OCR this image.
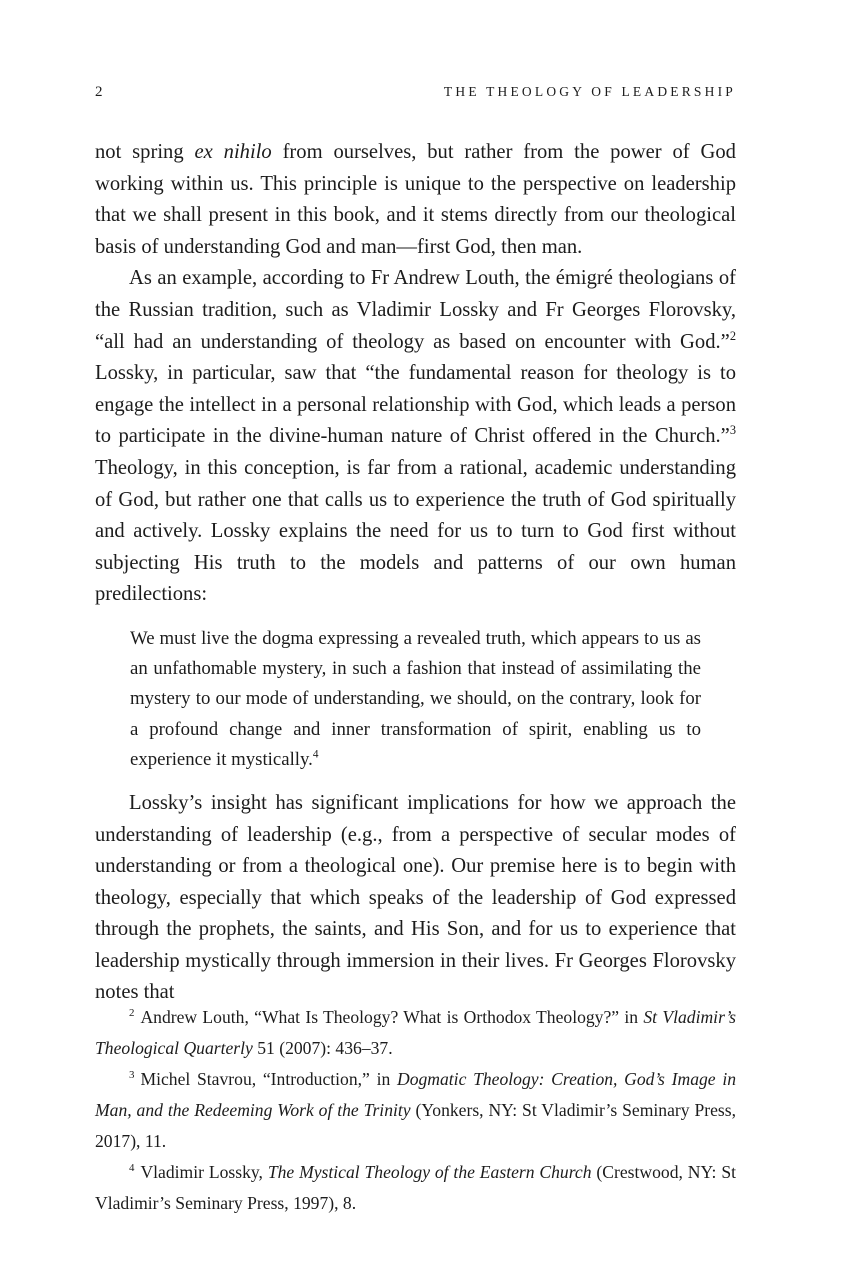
2	THE THEOLOGY OF LEADERSHIP

not spring ex nihilo from ourselves, but rather from the power of God working within us. This principle is unique to the perspective on leadership that we shall present in this book, and it stems directly from our theological basis of understanding God and man—first God, then man.

As an example, according to Fr Andrew Louth, the émigré theologians of the Russian tradition, such as Vladimir Lossky and Fr Georges Florovsky, “all had an understanding of theology as based on encounter with God.”$^2$ Lossky, in particular, saw that “the fundamental reason for theology is to engage the intellect in a personal relationship with God, which leads a person to participate in the divine-human nature of Christ offered in the Church.”$^3$ Theology, in this conception, is far from a rational, academic understanding of God, but rather one that calls us to experience the truth of God spiritually and actively. Lossky explains the need for us to turn to God first without subjecting His truth to the models and patterns of our own human predilections:

We must live the dogma expressing a revealed truth, which appears to us as an unfathomable mystery, in such a fashion that instead of assimilating the mystery to our mode of understanding, we should, on the contrary, look for a profound change and inner transformation of spirit, enabling us to experience it mystically.$^4$

Lossky’s insight has significant implications for how we approach the understanding of leadership (e.g., from a perspective of secular modes of understanding or from a theological one). Our premise here is to begin with theology, especially that which speaks of the leadership of God expressed through the prophets, the saints, and His Son, and for us to experience that leadership mystically through immersion in their lives. Fr Georges Florovsky notes that

$^2$ Andrew Louth, “What Is Theology? What is Orthodox Theology?” in St Vladimir’s Theological Quarterly 51 (2007): 436–37.

$^3$ Michel Stavrou, “Introduction,” in Dogmatic Theology: Creation, God’s Image in Man, and the Redeeming Work of the Trinity (Yonkers, NY: St Vladimir’s Seminary Press, 2017), 11.

$^4$ Vladimir Lossky, The Mystical Theology of the Eastern Church (Crestwood, NY: St Vladimir’s Seminary Press, 1997), 8.
